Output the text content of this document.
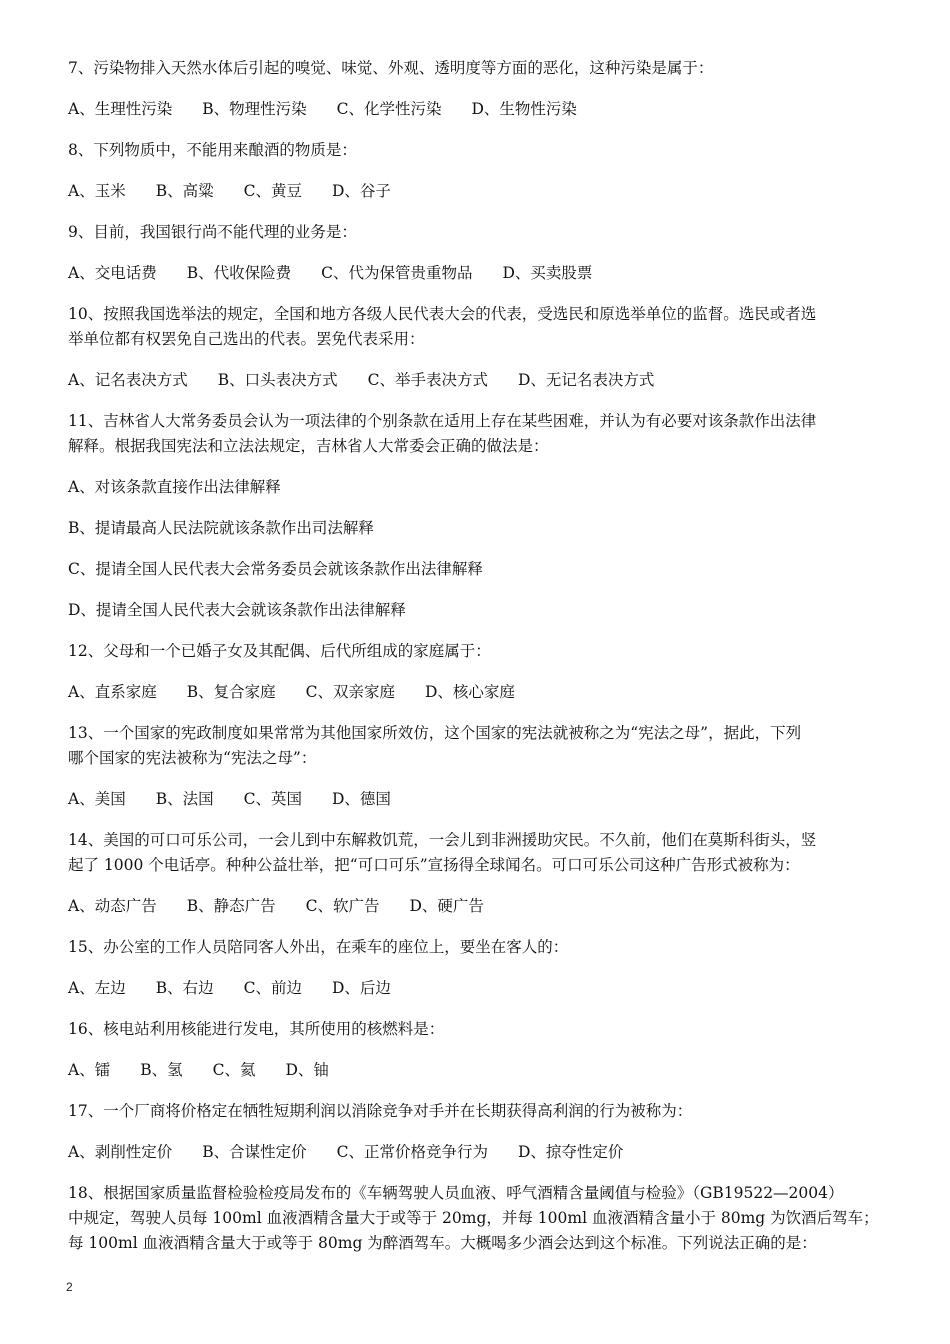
7、污染物排入天然水体后引起的嗅觉、味觉、外观、透明度等方面的恶化，这种污染是属于：
A、生理性污染 B、物理性污染 C、化学性污染 D、生物性污染
8、下列物质中，不能用来酿酒的物质是：
A、玉米 B、高粱 C、黄豆 D、谷子
9、目前，我国银行尚不能代理的业务是：
A、交电话费 B、代收保险费 C、代为保管贵重物品 D、买卖股票
10、按照我国选举法的规定，全国和地方各级人民代表大会的代表，受选民和原选举单位的监督。选民或者选
举单位都有权罢免自己选出的代表。罢免代表采用：
A、记名表决方式 B、口头表决方式 C、举手表决方式 D、无记名表决方式
11、吉林省人大常务委员会认为一项法律的个别条款在适用上存在某些困难，并认为有必要对该条款作出法律
解释。根据我国宪法和立法法规定，吉林省人大常委会正确的做法是：
A、对该条款直接作出法律解释
B、提请最高人民法院就该条款作出司法解释
C、提请全国人民代表大会常务委员会就该条款作出法律解释
D、提请全国人民代表大会就该条款作出法律解释
12、父母和一个已婚子女及其配偶、后代所组成的家庭属于：
A、直系家庭 B、复合家庭 C、双亲家庭 D、核心家庭
13、一个国家的宪政制度如果常常为其他国家所效仿，这个国家的宪法就被称之为“宪法之母”，据此，下列
哪个国家的宪法被称为“宪法之母”：
A、美国 B、法国 C、英国 D、德国
14、美国的可口可乐公司，一会儿到中东解救饥荒，一会儿到非洲援助灾民。不久前，他们在莫斯科街头，竖
起了 1000 个电话亭。种种公益壮举，把“可口可乐”宣扬得全球闻名。可口可乐公司这种广告形式被称为：
A、动态广告 B、静态广告 C、软广告 D、硬广告
15、办公室的工作人员陪同客人外出，在乘车的座位上，要坐在客人的：
A、左边 B、右边 C、前边 D、后边
16、核电站利用核能进行发电，其所使用的核燃料是：
A、镭 B、氢 C、氦 D、铀
17、一个厂商将价格定在牺牲短期利润以消除竞争对手并在长期获得高利润的行为被称为：
A、剥削性定价 B、合谋性定价 C、正常价格竞争行为 D、掠夺性定价
18、根据国家质量监督检验检疫局发布的《车辆驾驶人员血液、呼气酒精含量阈值与检验》（GB19522—2004）
中规定，驾驶人员每 100ml 血液酒精含量大于或等于 20mg，并每 100ml 血液酒精含量小于 80mg 为饮酒后驾车；
每 100ml 血液酒精含量大于或等于 80mg 为醉酒驾车。大概喝多少酒会达到这个标准。下列说法正确的是：
2
